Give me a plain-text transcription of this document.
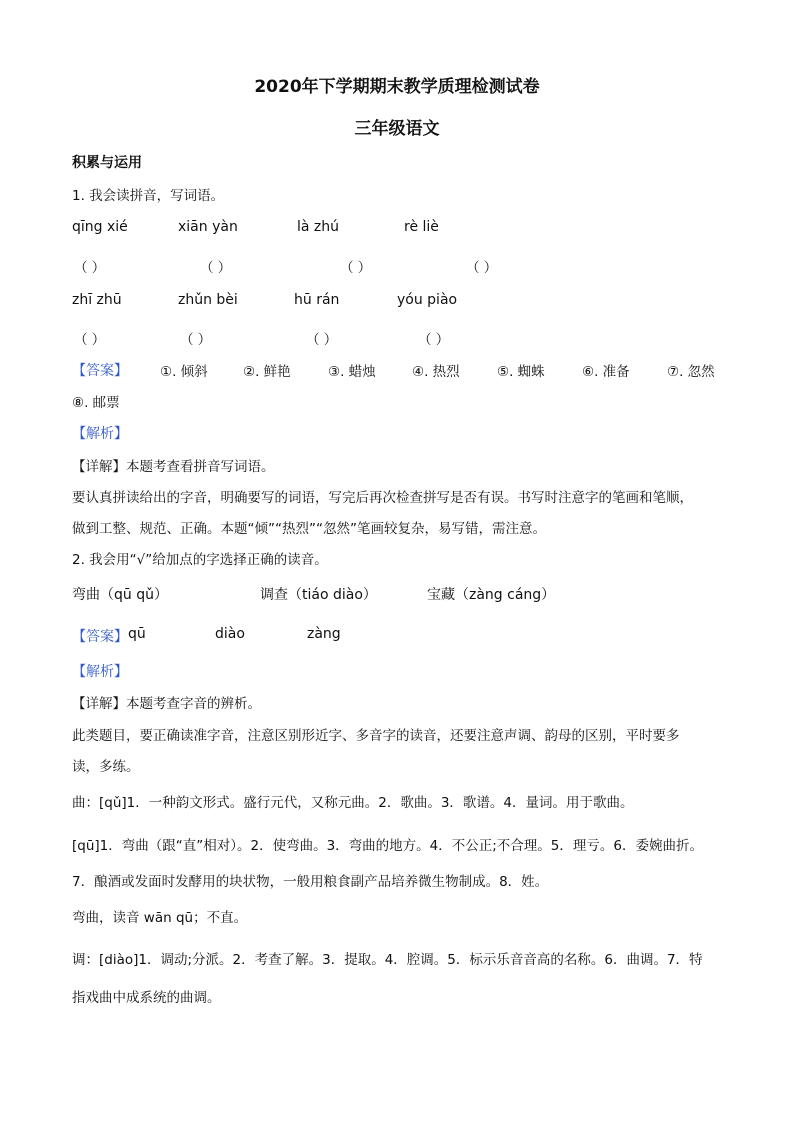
2020年下学期期末教学质理检测试卷
三年级语文
积累与运用
1. 我会读拼音，写词语。
qīng xié	xiān yàn	là zhú	rè liè
（ ）	（ ）	（ ）	（ ）
zhī zhū	zhǔn bèi	hū rán	yóu piào
（ ）	（ ）	（ ）	（ ）
【答案】 ①. 倾斜	②. 鲜艳	③. 蜡烛	④. 热烈	⑤. 蜘蛛	⑥. 准备	⑦. 忽然
⑧. 邮票
【解析】
【详解】本题考查看拼音写词语。
要认真拼读给出的字音，明确要写的词语，写完后再次检查拼写是否有误。书写时注意字的笔画和笔顺，
做到工整、规范、正确。本题“倾”“热烈”“忽然”笔画较复杂，易写错，需注意。
2. 我会用“√”给加点的字选择正确的读音。
弯曲（qū qǔ）	调查（tiáo diào）	宝藏（zàng cáng）
【答案】 qū	diào	zàng
【解析】
【详解】本题考查字音的辨析。
此类题目，要正确读准字音，注意区别形近字、多音字的读音，还要注意声调、韵母的区别，平时要多
读，多练。
曲：[qǔ]1．一种韵文形式。盛行元代，又称元曲。2．歌曲。3．歌谱。4．量词。用于歌曲。
[qū]1．弯曲（跟“直”相对）。2．使弯曲。3．弯曲的地方。4．不公正;不合理。5．理亏。6．委婉曲折。
7．酿酒或发面时发酵用的块状物，一般用粮食副产品培养微生物制成。8．姓。
弯曲，读音 wān qū；不直。
调：[diào]1．调动;分派。2．考查了解。3．提取。4．腔调。5．标示乐音音高的名称。6．曲调。7．特
指戏曲中成系统的曲调。
